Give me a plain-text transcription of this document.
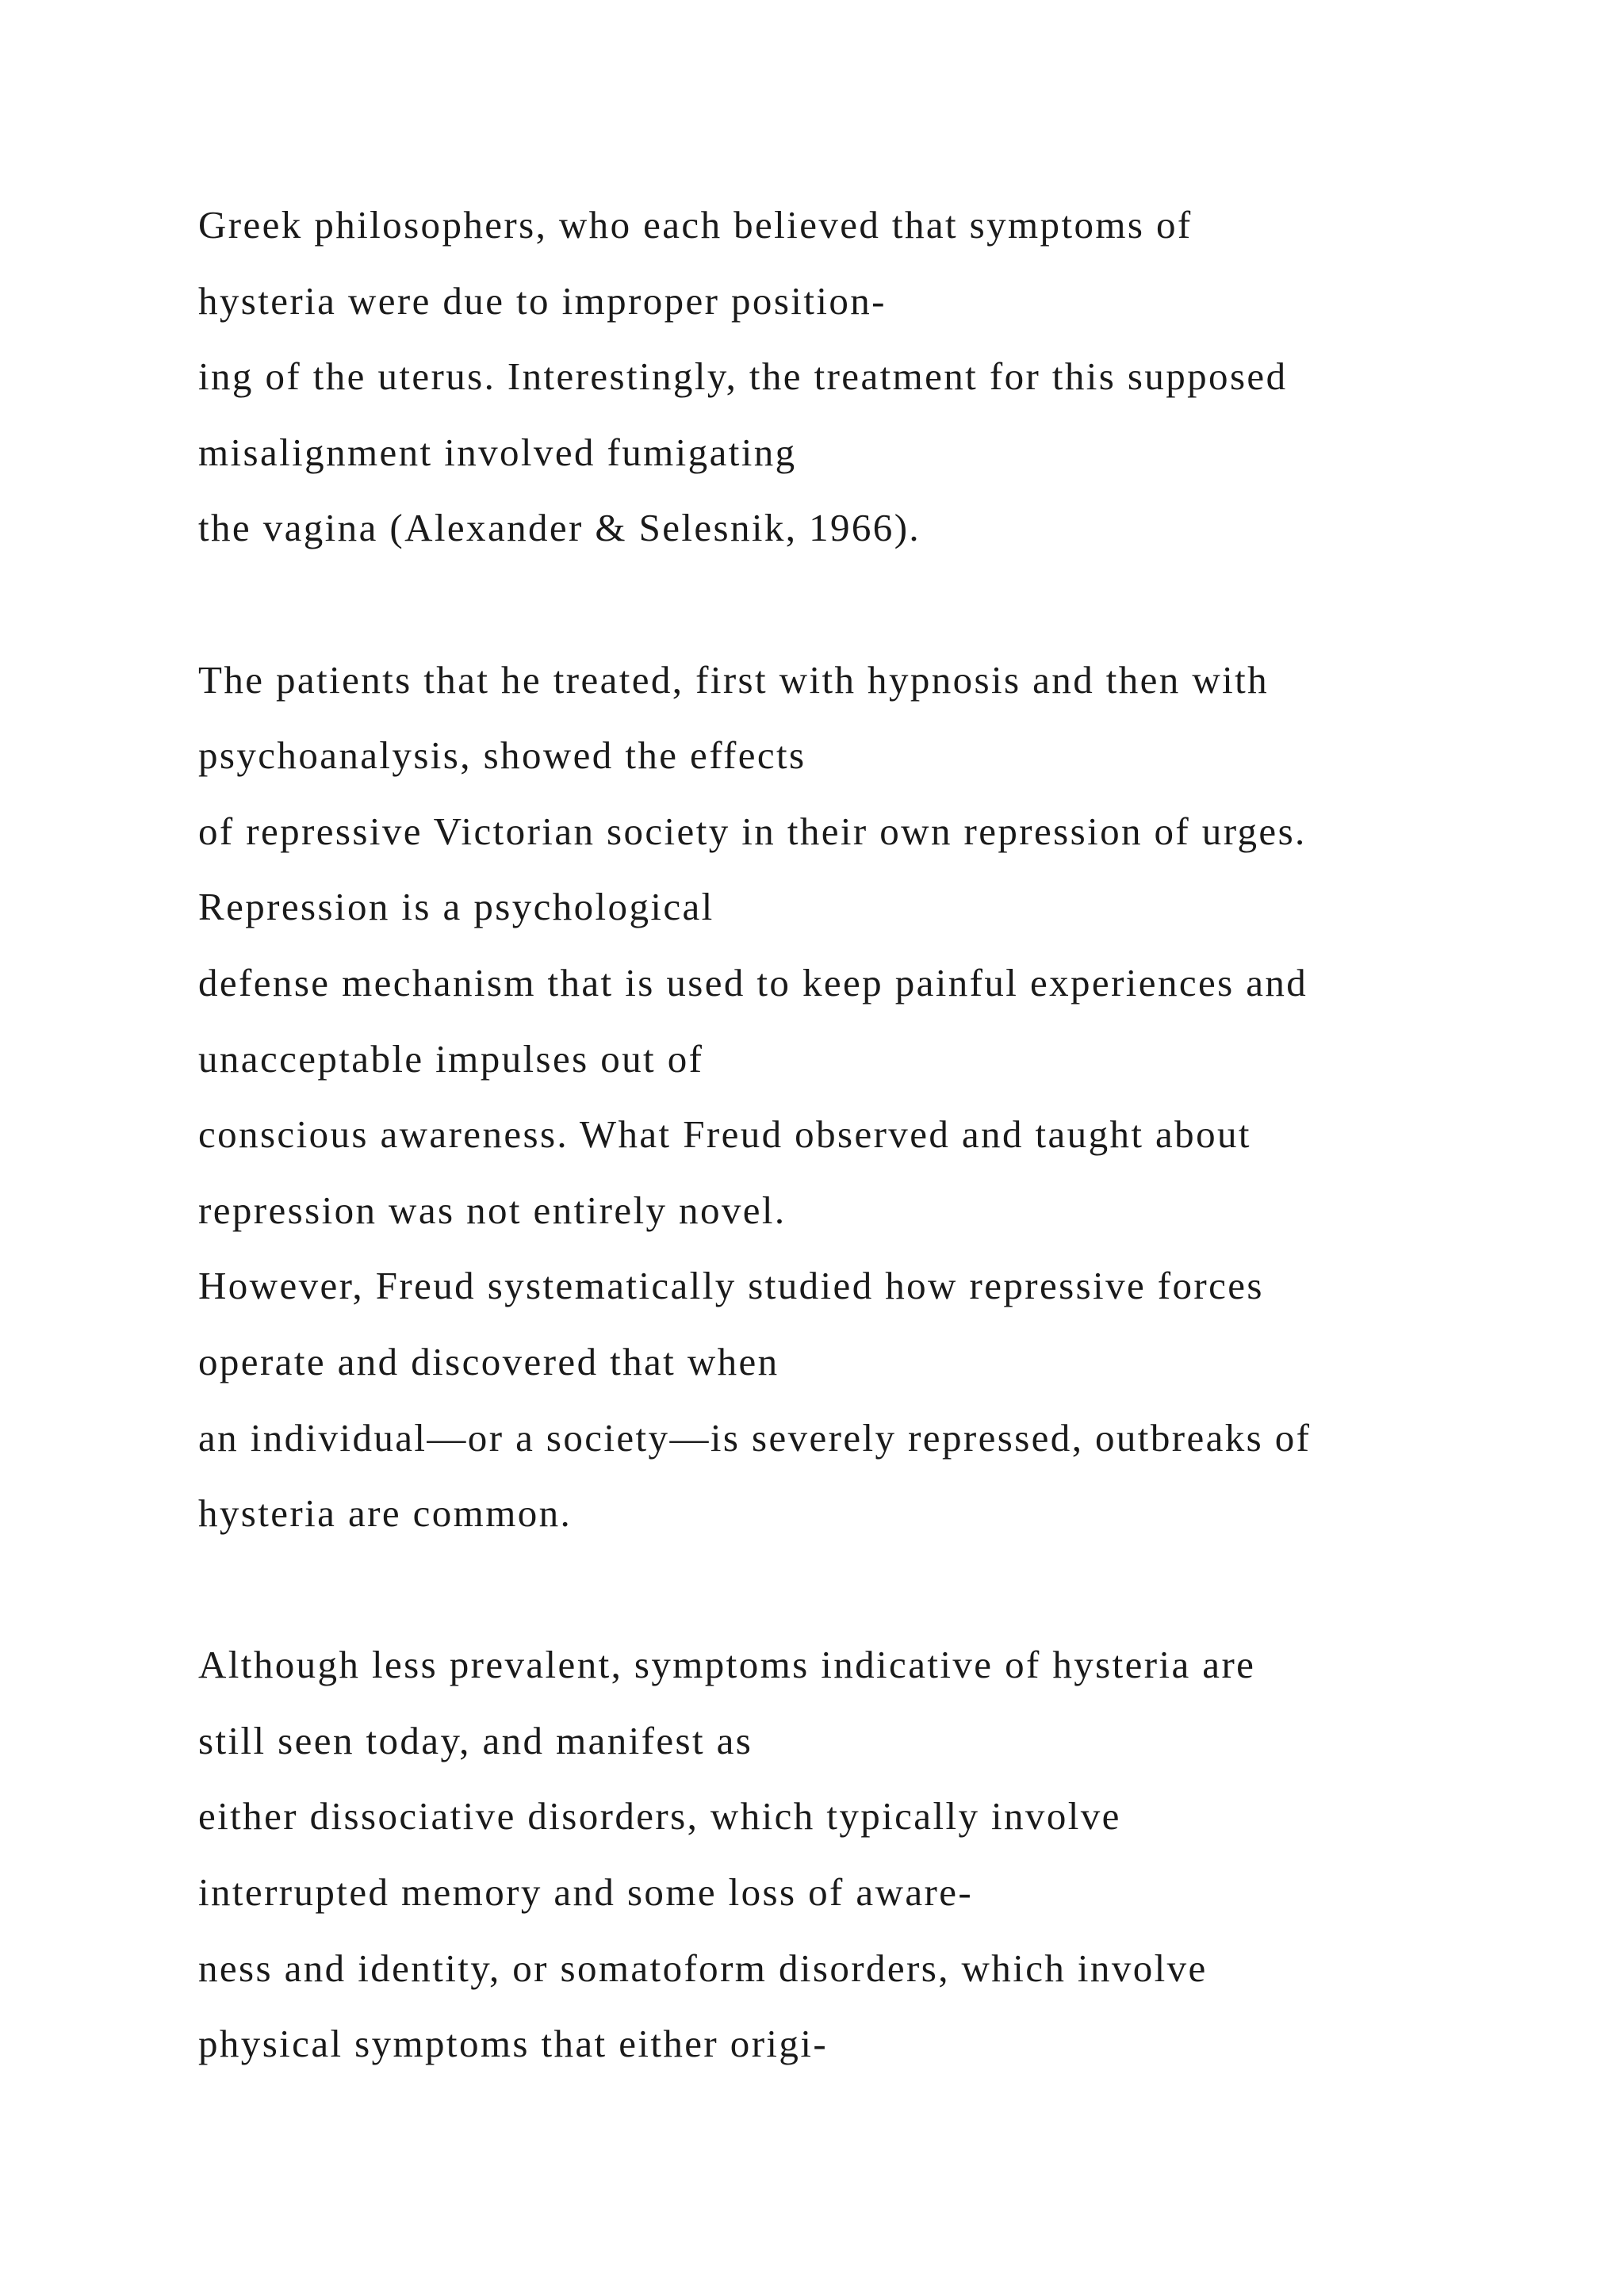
Greek philosophers, who each believed that symptoms of
hysteria were due to improper position-
ing of the uterus. Interestingly, the treatment for this supposed
misalignment involved fumigating
the vagina (Alexander & Selesnik, 1966).
The patients that he treated, first with hypnosis and then with
psychoanalysis, showed the effects
of repressive Victorian society in their own repression of urges.
Repression is a psychological
defense mechanism that is used to keep painful experiences and
unacceptable impulses out of
conscious awareness. What Freud observed and taught about
repression was not entirely novel.
However, Freud systematically studied how repressive forces
operate and discovered that when
an individual—or a society—is severely repressed, outbreaks of
hysteria are common.
Although less prevalent, symptoms indicative of hysteria are
still seen today, and manifest as
either dissociative disorders, which typically involve
interrupted memory and some loss of aware-
ness and identity, or somatoform disorders, which involve
physical symptoms that either origi-
